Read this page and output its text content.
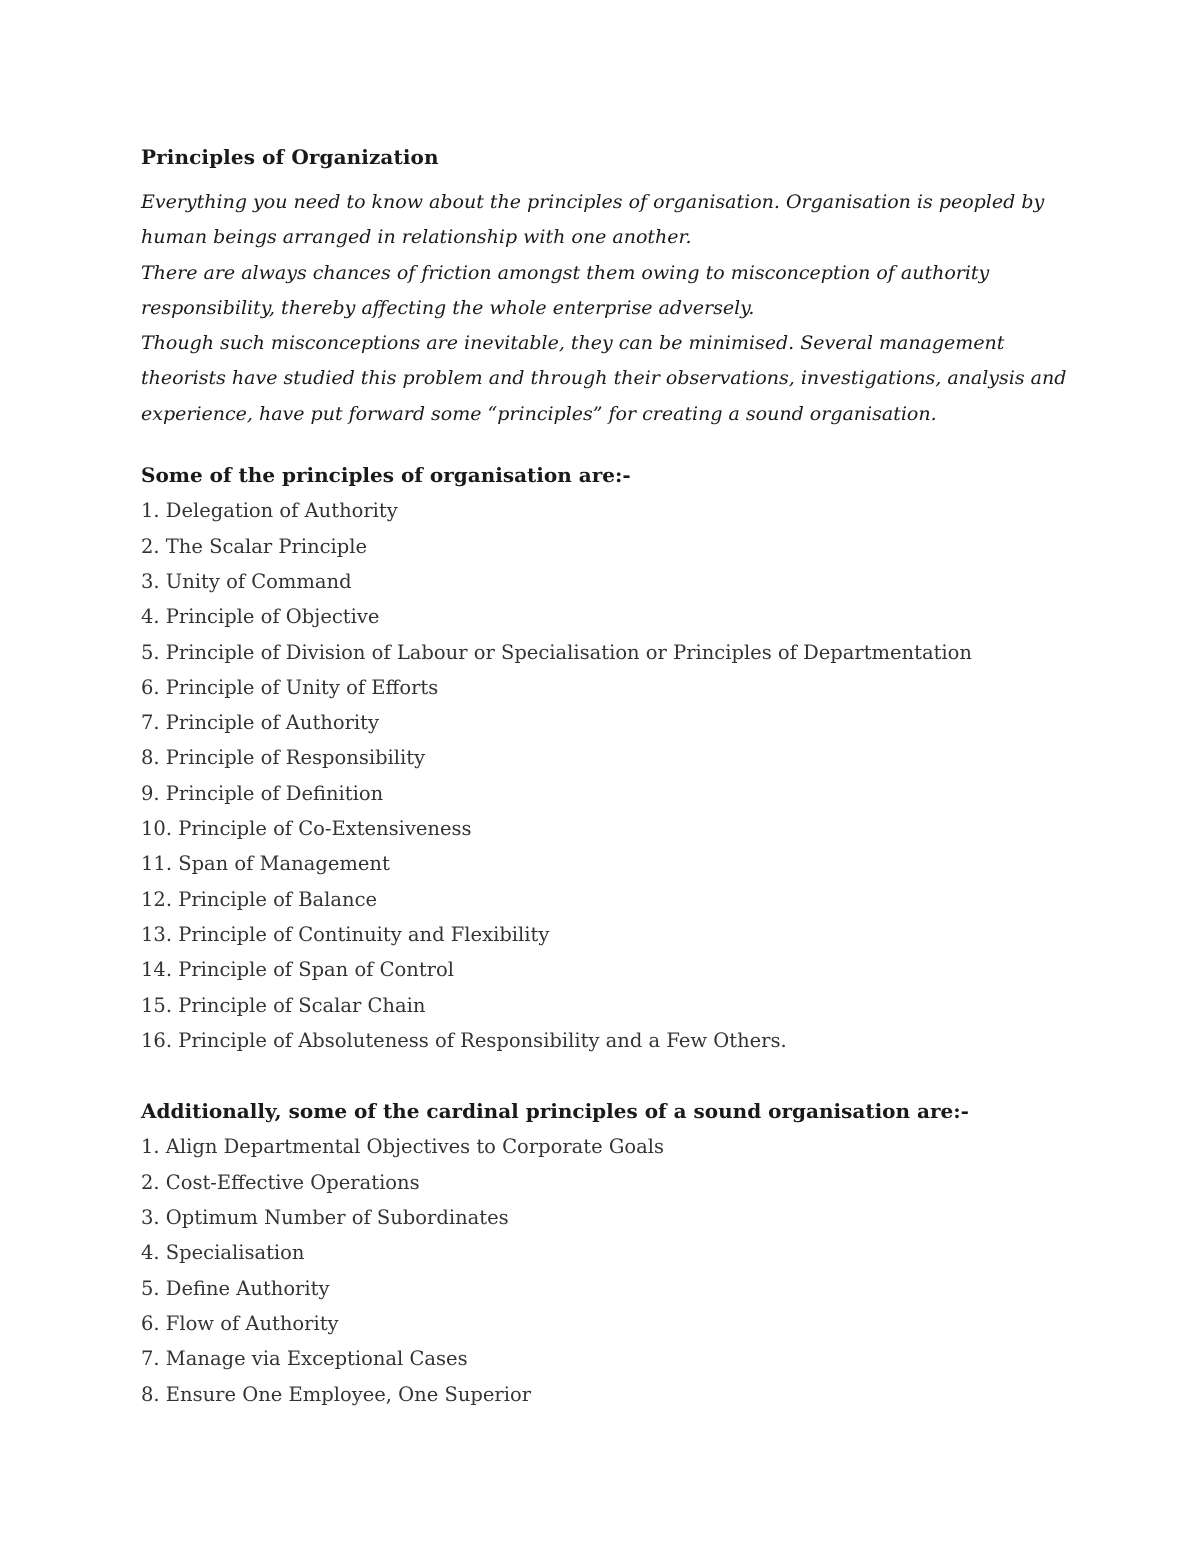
Principles of Organization

Everything you need to know about the principles of organisation. Organisation is peopled by human beings arranged in relationship with one another.

There are always chances of friction amongst them owing to misconception of authority responsibility, thereby affecting the whole enterprise adversely.

Though such misconceptions are inevitable, they can be minimised. Several management theorists have studied this problem and through their observations, investigations, analysis and experience, have put forward some “principles” for creating a sound organisation.

Some of the principles of organisation are:-
1. Delegation of Authority
2. The Scalar Principle
3. Unity of Command
4. Principle of Objective
5. Principle of Division of Labour or Specialisation or Principles of Departmentation
6. Principle of Unity of Efforts
7. Principle of Authority
8. Principle of Responsibility
9. Principle of Definition
10. Principle of Co-Extensiveness
11. Span of Management
12. Principle of Balance
13. Principle of Continuity and Flexibility
14. Principle of Span of Control
15. Principle of Scalar Chain
16. Principle of Absoluteness of Responsibility and a Few Others.
Additionally, some of the cardinal principles of a sound organisation are:-
1. Align Departmental Objectives to Corporate Goals
2. Cost-Effective Operations
3. Optimum Number of Subordinates
4. Specialisation
5. Define Authority
6. Flow of Authority
7. Manage via Exceptional Cases
8. Ensure One Employee, One Superior
